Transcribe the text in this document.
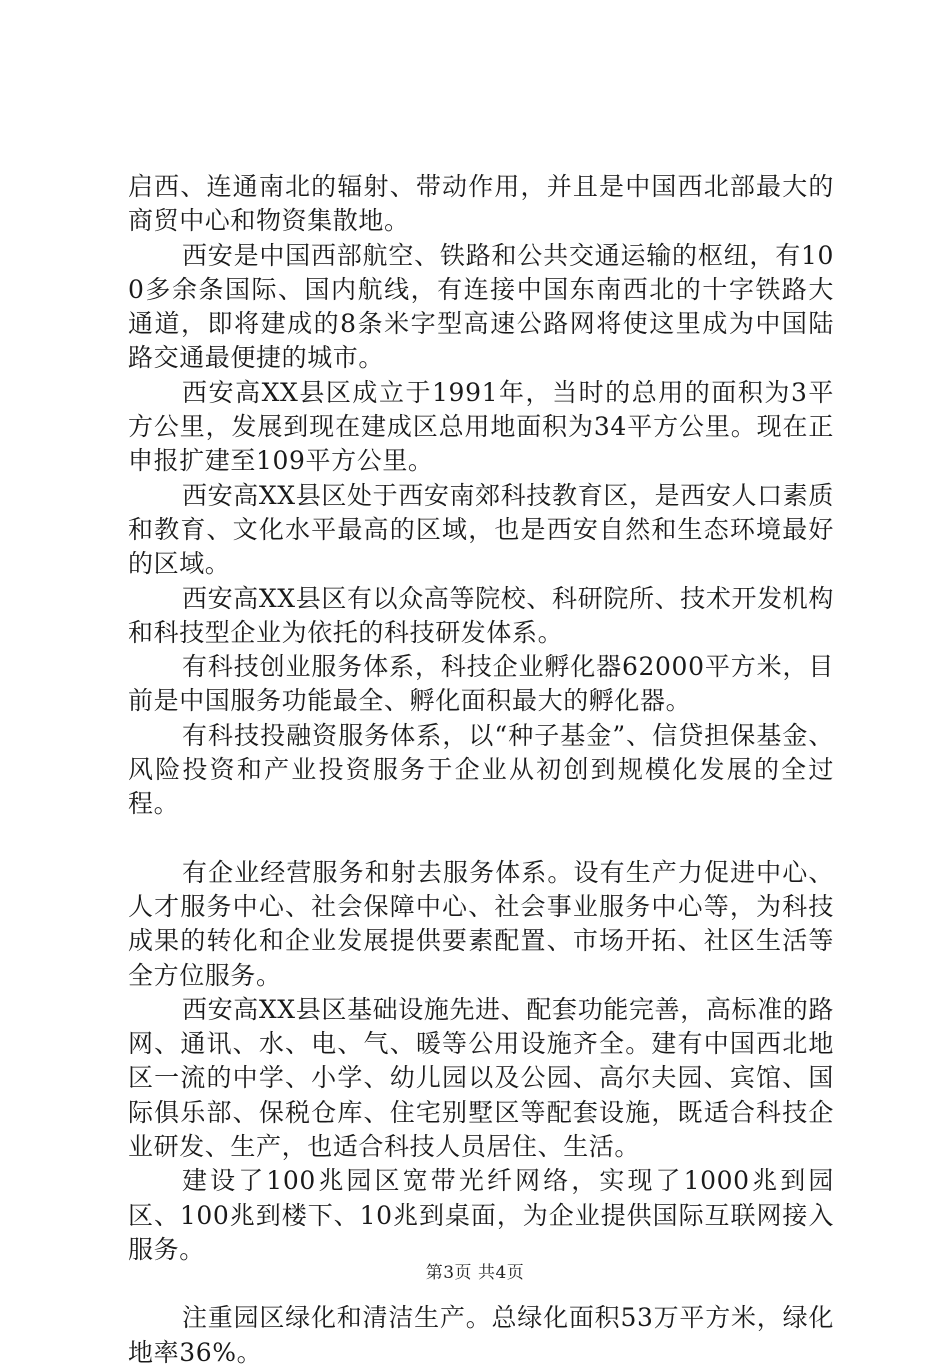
启西、连通南北的辐射、带动作用，并且是中国西北部最大的商贸中心和物资集散地。

西安是中国西部航空、铁路和公共交通运输的枢纽，有100多余条国际、国内航线，有连接中国东南西北的十字铁路大通道，即将建成的8条米字型高速公路网将使这里成为中国陆路交通最便捷的城市。

西安高XX县区成立于1991年，当时的总用的面积为3平方公里，发展到现在建成区总用地面积为34平方公里。现在正申报扩建至109平方公里。

西安高XX县区处于西安南郊科技教育区，是西安人口素质和教育、文化水平最高的区域，也是西安自然和生态环境最好的区域。

西安高XX县区有以众高等院校、科研院所、技术开发机构和科技型企业为依托的科技研发体系。

有科技创业服务体系，科技企业孵化器62000平方米，目前是中国服务功能最全、孵化面积最大的孵化器。

有科技投融资服务体系，以“种子基金”、信贷担保基金、风险投资和产业投资服务于企业从初创到规模化发展的全过程。

有企业经营服务和射去服务体系。设有生产力促进中心、人才服务中心、社会保障中心、社会事业服务中心等，为科技成果的转化和企业发展提供要素配置、市场开拓、社区生活等全方位服务。

西安高XX县区基础设施先进、配套功能完善，高标准的路网、通讯、水、电、气、暖等公用设施齐全。建有中国西北地区一流的中学、小学、幼儿园以及公园、高尔夫园、宾馆、国际俱乐部、保税仓库、住宅别墅区等配套设施，既适合科技企业研发、生产，也适合科技人员居住、生活。

建设了100兆园区宽带光纤网络，实现了1000兆到园区、100兆到楼下、10兆到桌面，为企业提供国际互联网接入服务。

注重园区绿化和清洁生产。总绿化面积53万平方米，绿化地率36%。

第3页 共4页
